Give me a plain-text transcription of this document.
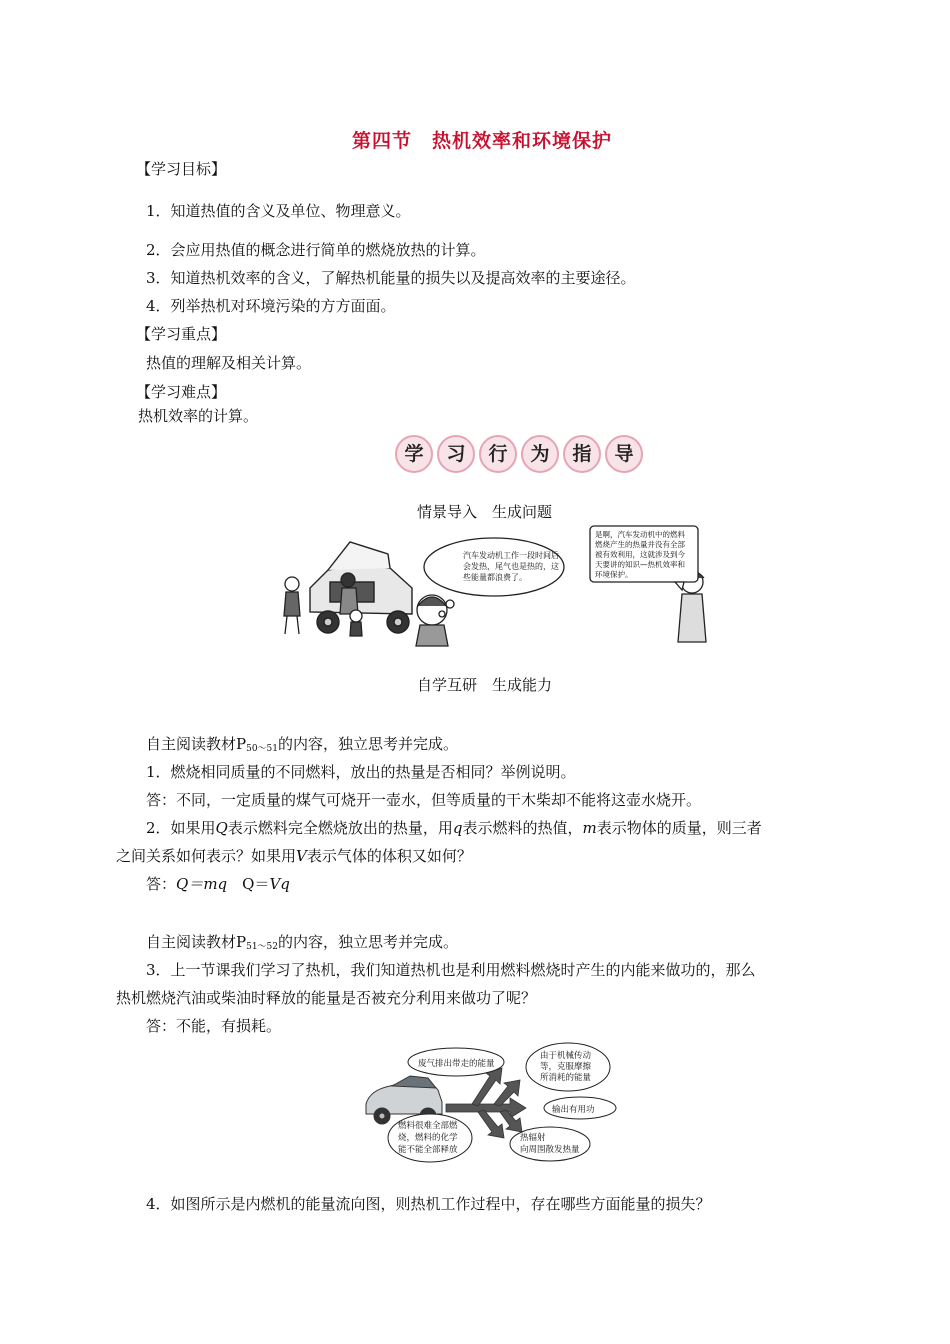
第四节　热机效率和环境保护
【学习目标】
1．知道热值的含义及单位、物理意义。
2．会应用热值的概念进行简单的燃烧放热的计算。
3．知道热机效率的含义，了解热机能量的损失以及提高效率的主要途径。
4．列举热机对环境污染的方方面面。
【学习重点】
热值的理解及相关计算。
【学习难点】
热机效率的计算。
学 习 行 为 指 导
情景导入　生成问题
汽车发动机工作一段时间后
会发热，尾气也是热的，这
些能量都浪费了。
是啊，汽车发动机中的燃料
燃烧产生的热量并没有全部
被有效利用，这就涉及到今
天要讲的知识—热机效率和
环境保护。
自学互研　生成能力
自主阅读教材$P_{50\sim 51}$的内容，独立思考并完成。
1．燃烧相同质量的不同燃料，放出的热量是否相同？举例说明。
答：不同，一定质量的煤气可烧开一壶水，但等质量的干木柴却不能将这壶水烧开。
2．如果用Q表示燃料完全燃烧放出的热量，用q表示燃料的热值，m表示物体的质量，则三者
之间关系如何表示？如果用V表示气体的体积又如何？
答：Q＝mq　Q＝Vq
自主阅读教材$P_{51\sim 52}$的内容，独立思考并完成。
3．上一节课我们学习了热机，我们知道热机也是利用燃料燃烧时产生的内能来做功的，那么
热机燃烧汽油或柴油时释放的能量是否被充分利用来做功了呢？
答：不能，有损耗。
废气排出带走的能量
由于机械传动
等，克服摩擦
所消耗的能量
输出有用功
燃料很难全部燃
烧，燃料的化学
能不能全部释放
热辐射
向周围散发热量
4．如图所示是内燃机的能量流向图，则热机工作过程中，存在哪些方面能量的损失？
